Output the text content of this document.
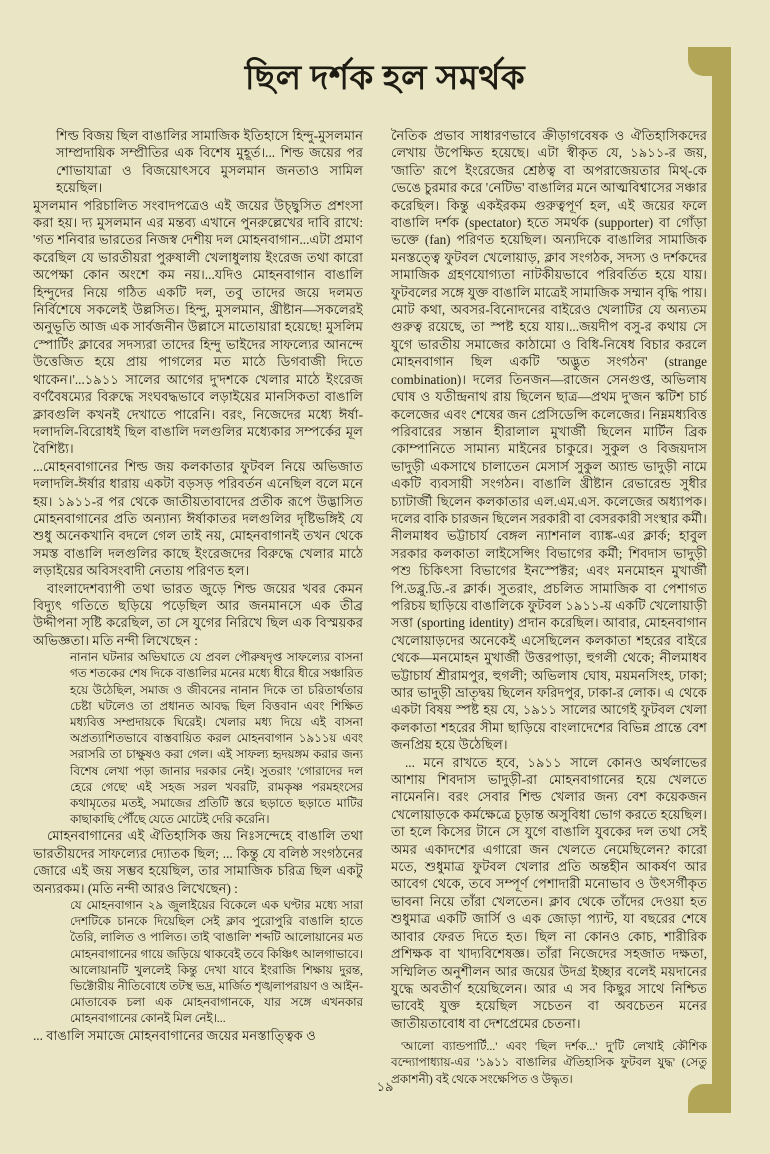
ছিল দর্শক হল সমর্থক

শিল্ড বিজয় ছিল বাঙালির সামাজিক ইতিহাসে হিন্দু-মুসলমান সাম্প্রদায়িক সম্প্রীতির এক বিশেষ মুহূর্ত।... শিল্ড জয়ের পর শোভাযাত্রা ও বিজয়োৎসবে মুসলমান জনতাও সামিল হয়েছিল।

মুসলমান পরিচালিত সংবাদপত্রেও এই জয়ের উচ্ছ্বসিত প্রশংসা করা হয়। দ্য মুসলমান এর মন্তব্য এখানে পুনরুল্লেখের দাবি রাখে: 'গত শনিবার ভারতের নিজস্ব দেশীয় দল মোহনবাগান...এটা প্রমাণ করেছিল যে ভারতীয়রা পুরুষালী খেলাধুলায় ইংরেজ তথা কারো অপেক্ষা কোন অংশে কম নয়।...যদিও মোহনবাগান বাঙালি হিন্দুদের নিয়ে গঠিত একটি দল, তবু তাদের জয়ে দলমত নির্বিশেষে সকলেই উল্লসিত। হিন্দু, মুসলমান, খ্রীষ্টান—সকলেরই অনুভূতি আজ এক সার্বজনীন উল্লাসে মাতোয়ারা হয়েছে! মুসলিম স্পোর্টিং ক্লাবের সদস্যরা তাদের হিন্দু ভাইদের সাফল্যের আনন্দে উত্তেজিত হয়ে প্রায় পাগলের মত মাঠে ডিগবাজী দিতে থাকেন।'...১৯১১ সালের আগের দু'দশকে খেলার মাঠে ইংরেজ বর্ণবৈষম্যের বিরুদ্ধে সংঘবদ্ধভাবে লড়াইয়ের মানসিকতা বাঙালি ক্লাবগুলি কখনই দেখাতে পারেনি। বরং, নিজেদের মধ্যে ঈর্ষা-দলাদলি-বিরোধই ছিল বাঙালি দলগুলির মধ্যেকার সম্পর্কের মূল বৈশিষ্ট্য।

...মোহনবাগানের শিল্ড জয় কলকাতার ফুটবল নিয়ে অভিজাত দলাদলি-ঈর্ষার ধারায় একটা বড়সড় পরিবর্তন এনেছিল বলে মনে হয়। ১৯১১-র পর থেকে জাতীয়তাবাদের প্রতীক রূপে উদ্ভাসিত মোহনবাগানের প্রতি অন্যান্য ঈর্ষাকাতর দলগুলির দৃষ্টিভঙ্গিই যে শুধু অনেকখানি বদলে গেল তাই নয়, মোহনবাগানই তখন থেকে সমস্ত বাঙালি দলগুলির কাছে ইংরেজদের বিরুদ্ধে খেলার মাঠে লড়াইয়ের অবিসংবাদী নেতায় পরিণত হল।

বাংলাদেশব্যাপী তথা ভারত জুড়ে শিল্ড জয়ের খবর কেমন বিদ্যুৎ গতিতে ছড়িয়ে পড়েছিল আর জনমানসে এক তীব্র উদ্দীপনা সৃষ্টি করেছিল, তা সে যুগের নিরিখে ছিল এক বিস্ময়কর অভিজ্ঞতা। মতি নন্দী লিখেছেন :

নানান ঘটনার অভিঘাতে যে প্রবল পৌরুষদৃপ্ত সাফল্যের বাসনা গত শতকের শেষ দিকে বাঙালির মনের মধ্যে ধীরে ধীরে সঞ্চারিত হয়ে উঠেছিল, সমাজ ও জীবনের নানান দিকে তা চরিতার্থতার চেষ্টা ঘটলেও তা প্রধানত আবদ্ধ ছিল বিত্তবান এবং শিক্ষিত মধ্যবিত্ত সম্প্রদায়কে ঘিরেই। খেলার মধ্য দিয়ে এই বাসনা অপ্রত্যাশিতভাবে বাস্তবায়িত করল মোহনবাগান ১৯১১য় এবং সরাসরি তা চাক্ষুষও করা গেল। এই সাফল্য হৃদয়ঙ্গম করার জন্য বিশেষ লেখা পড়া জানার দরকার নেই। সুতরাং 'গোরাদের দল হেরে গেছে' এই সহজ সরল খবরটি, রামকৃষ্ণ পরমহংসের কথামৃতের মতই, সমাজের প্রতিটি স্তরে ছড়াতে ছড়াতে মাটির কাছাকাছি পৌঁছে যেতে মোটেই দেরি করেনি।

মোহনবাগানের এই ঐতিহাসিক জয় নিঃসন্দেহে বাঙালি তথা ভারতীয়দের সাফল্যের দ্যোতক ছিল; ... কিন্তু যে বলিষ্ঠ সংগঠনের জোরে এই জয় সম্ভব হয়েছিল, তার সামাজিক চরিত্র ছিল একটু অন্যরকম। (মতি নন্দী আরও লিখেছেন) :

যে মোহনবাগান ২৯ জুলাইয়ের বিকেলে এক ঘণ্টার মধ্যে সারা দেশটিকে চানকে দিয়েছিল সেই ক্লাব পুরোপুরি বাঙালি হাতে তৈরি, লালিত ও পালিত। তাই 'বাঙালি' শব্দটি আলোয়ানের মত মোহনবাগানের গায়ে জড়িয়ে থাকবেই তবে কিঞ্চিৎ আলগাভাবে। আলোয়ানটি খুললেই কিন্তু দেখা যাবে ইংরাজি শিক্ষায় দুরন্ত, ভিক্টোরীয় নীতিবোধে তটস্থ ভদ্র, মার্জিত শৃঙ্খলাপরায়ণ ও আইন-মোতাবেক চলা এক মোহনবাগানকে, যার সঙ্গে এখনকার মোহনবাগানের কোনই মিল নেই।...

... বাঙালি সমাজে মোহনবাগানের জয়ের মনস্তাত্ত্বিক ও

নৈতিক প্রভাব সাধারণভাবে ক্রীড়াগবেষক ও ঐতিহাসিকদের লেখায় উপেক্ষিত হয়েছে। এটা স্বীকৃত যে, ১৯১১-র জয়, 'জাতি' রূপে ইংরেজের শ্রেষ্ঠত্ব বা অপরাজেয়তার মিথ্-কে ভেঙে চুরমার করে 'নেটিভ' বাঙালির মনে আত্মবিশ্বাসের সঞ্চার করেছিল। কিন্তু একইরকম গুরুত্বপূর্ণ হল, এই জয়ের ফলে বাঙালি দর্শক (spectator) হতে সমর্থক (supporter) বা গোঁড়া ভক্তে (fan) পরিণত হয়েছিল। অন্যদিকে বাঙালির সামাজিক মনস্তত্ত্বে ফুটবল খেলোয়াড়, ক্লাব সংগঠক, সদস্য ও দর্শকদের সামাজিক গ্রহণযোগ্যতা নাটকীয়ভাবে পরিবর্তিত হয়ে যায়। ফুটবলের সঙ্গে যুক্ত বাঙালি মাত্রেই সামাজিক সম্মান বৃদ্ধি পায়। মোট কথা, অবসর-বিনোদনের বাইরেও খেলাটির যে অন্যতম গুরুত্ব রয়েছে, তা স্পষ্ট হয়ে যায়।...জয়দীপ বসু-র কথায় সে যুগে ভারতীয় সমাজের কাঠামো ও বিধি-নিষেধ বিচার করলে মোহনবাগান ছিল একটি 'অদ্ভুত সংগঠন' (strange combination)। দলের তিনজন—রাজেন সেনগুপ্ত, অভিলাষ ঘোষ ও যতীন্দ্রনাথ রায় ছিলেন ছাত্র—প্রথম দু'জন স্কটিশ চার্চ কলেজের এবং শেষের জন প্রেসিডেন্সি কলেজের। নিম্নমধ্যবিত্ত পরিবারের সন্তান হীরালাল মুখার্জী ছিলেন মার্টিন ব্রিক কোম্পানিতে সামান্য মাইনের চাকুরে। সুকুল ও বিজয়দাস ভাদুড়ী একসাথে চালাতেন মেসার্স সুকুল অ্যান্ড ভাদুড়ী নামে একটি ব্যবসায়ী সংগঠন। বাঙালি খ্রীষ্টান রেভারেন্ড সুধীর চ্যাটার্জী ছিলেন কলকাতার এল.এম.এস. কলেজের অধ্যাপক। দলের বাকি চারজন ছিলেন সরকারী বা বেসরকারী সংস্থার কর্মী। নীলমাধব ভট্টাচার্য বেঙ্গল ন্যাশনাল ব্যাঙ্ক-এর ক্লার্ক; হাবুল সরকার কলকাতা লাইসেন্সিং বিভাগের কর্মী; শিবদাস ভাদুড়ী পশু চিকিৎসা বিভাগের ইনস্পেক্টর; এবং মনমোহন মুখার্জী পি.ডব্লু.ডি.-র ক্লার্ক। সুতরাং, প্রচলিত সামাজিক বা পেশাগত পরিচয় ছাড়িয়ে বাঙালিকে ফুটবল ১৯১১-য় একটি খেলোয়াড়ী সত্তা (sporting identity) প্রদান করেছিল। আবার, মোহনবাগান খেলোয়াড়দের অনেকেই এসেছিলেন কলকাতা শহরের বাইরে থেকে—মনমোহন মুখার্জী উত্তরপাড়া, হুগলী থেকে; নীলমাধব ভট্টাচার্য শ্রীরামপুর, হুগলী; অভিলাষ ঘোষ, ময়মনসিংহ, ঢাকা; আর ভাদুড়ী ভ্রাতৃদ্বয় ছিলেন ফরিদপুর, ঢাকা-র লোক। এ থেকে একটা বিষয় স্পষ্ট হয় যে, ১৯১১ সালের আগেই ফুটবল খেলা কলকাতা শহরের সীমা ছাড়িয়ে বাংলাদেশের বিভিন্ন প্রান্তে বেশ জনপ্রিয় হয়ে উঠেছিল।

... মনে রাখতে হবে, ১৯১১ সালে কোনও অর্থলাভের আশায় শিবদাস ভাদুড়ী-রা মোহনবাগানের হয়ে খেলতে নামেননি। বরং সেবার শিল্ড খেলার জন্য বেশ কয়েকজন খেলোয়াড়কে কর্মক্ষেত্রে চূড়ান্ত অসুবিধা ভোগ করতে হয়েছিল। তা হলে কিসের টানে সে যুগে বাঙালি যুবকের দল তথা সেই অমর একাদশের এগারো জন খেলতে নেমেছিলেন? কারো মতে, শুধুমাত্র ফুটবল খেলার প্রতি অন্তহীন আকর্ষণ আর আবেগ থেকে, তবে সম্পূর্ণ পেশাদারী মনোভাব ও উৎসর্গীকৃত ভাবনা নিয়ে তাঁরা খেলতেন। ক্লাব থেকে তাঁদের দেওয়া হত শুধুমাত্র একটি জার্সি ও এক জোড়া প্যান্ট, যা বছরের শেষে আবার ফেরত দিতে হত। ছিল না কোনও কোচ, শারীরিক প্রশিক্ষক বা খাদ্যবিশেষজ্ঞ। তাঁরা নিজেদের সহজাত দক্ষতা, সম্মিলিত অনুশীলন আর জয়ের উদগ্র ইচ্ছার বলেই ময়দানের যুদ্ধে অবতীর্ণ হয়েছিলেন। আর এ সব কিছুর সাথে নিশ্চিত ভাবেই যুক্ত হয়েছিল সচেতন বা অবচেতন মনের জাতীয়তাবোধ বা দেশপ্রেমের চেতনা।

'আলো ব্যান্ডপার্টি...' এবং 'ছিল দর্শক...' দু'টি লেখাই কৌশিক বন্দ্যোপাধ্যায়-এর '১৯১১ বাঙালির ঐতিহাসিক ফুটবল যুদ্ধ' (সেতু প্রকাশনী) বই থেকে সংক্ষেপিত ও উদ্ধৃত।

১৯
